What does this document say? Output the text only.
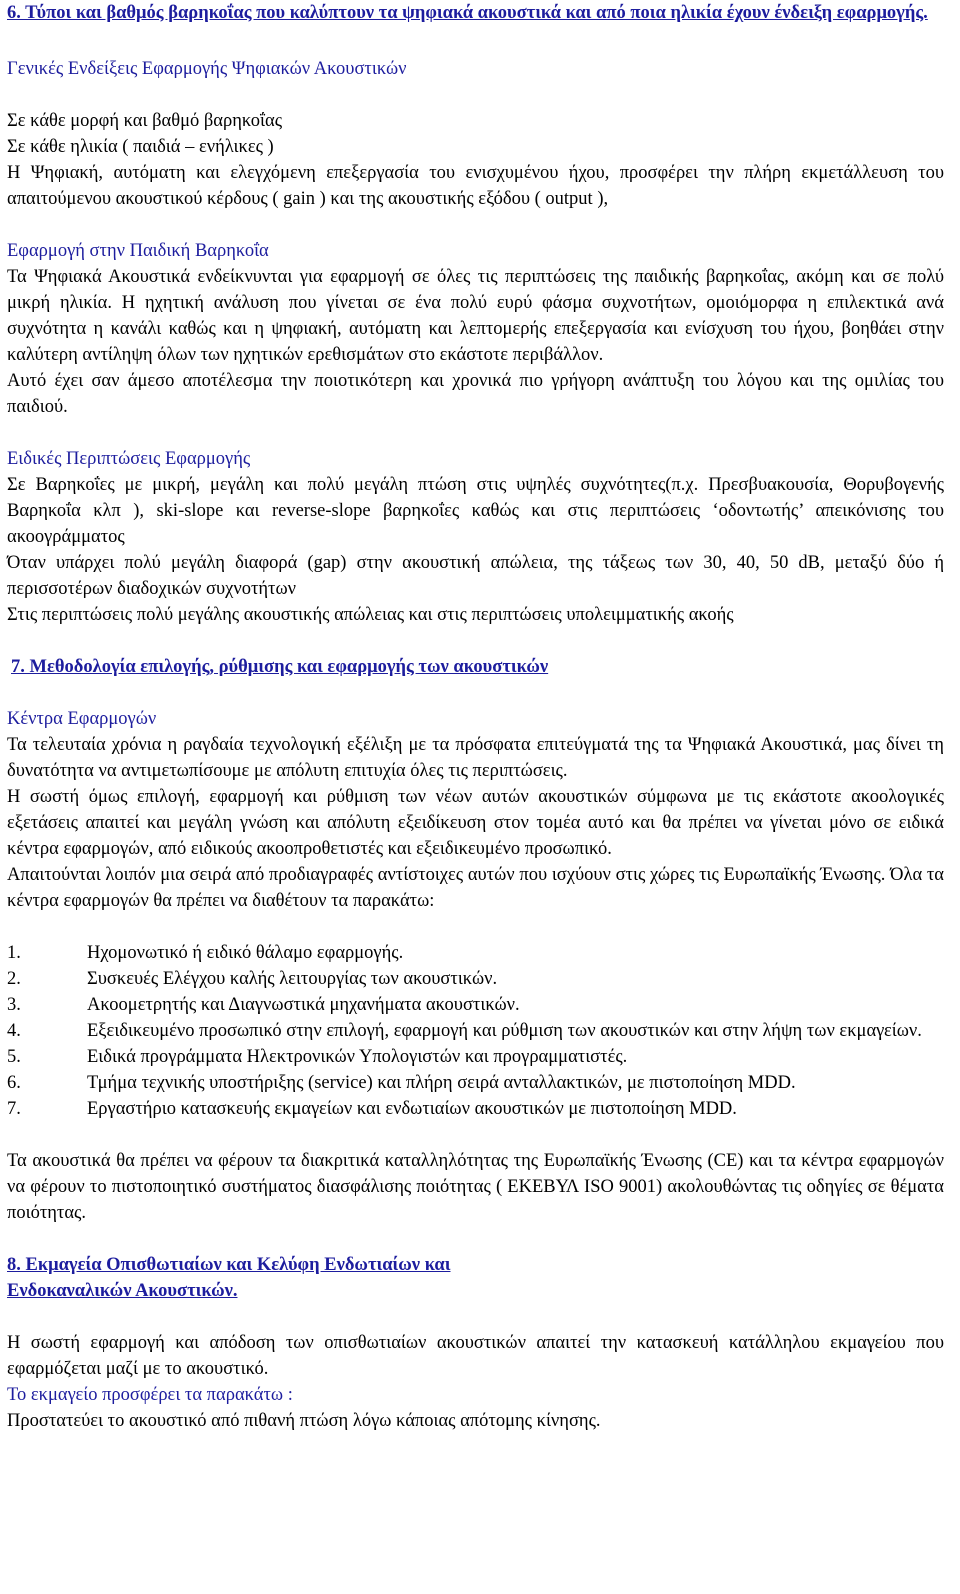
6. Τύποι και βαθμός βαρηκοΐας που καλύπτουν τα ψηφιακά ακουστικά και από ποια ηλικία έχουν ένδειξη εφαρμογής.

Γενικές Ενδείξεις Εφαρμογής Ψηφιακών Ακουστικών

Σε κάθε μορφή και βαθμό βαρηκοΐας

Σε κάθε ηλικία ( παιδιά – ενήλικες )

Η Ψηφιακή, αυτόματη και ελεγχόμενη επεξεργασία του ενισχυμένου ήχου, προσφέρει την πλήρη εκμετάλλευση του απαιτούμενου ακουστικού κέρδους ( gain ) και της ακουστικής εξόδου ( output ),

Εφαρμογή στην Παιδική Βαρηκοΐα

Τα Ψηφιακά Ακουστικά ενδείκνυνται για εφαρμογή σε όλες τις περιπτώσεις της παιδικής βαρηκοΐας, ακόμη και σε πολύ μικρή ηλικία. Η ηχητική ανάλυση που γίνεται σε ένα πολύ ευρύ φάσμα συχνοτήτων, ομοιόμορφα η επιλεκτικά ανά συχνότητα η κανάλι καθώς και η ψηφιακή, αυτόματη και λεπτομερής επεξεργασία και ενίσχυση του ήχου, βοηθάει στην καλύτερη αντίληψη όλων των ηχητικών ερεθισμάτων στο εκάστοτε περιβάλλον.

Αυτό έχει σαν άμεσο αποτέλεσμα την ποιοτικότερη και χρονικά πιο γρήγορη ανάπτυξη του λόγου και της ομιλίας του παιδιού.

Ειδικές Περιπτώσεις Εφαρμογής

Σε Βαρηκοΐες με μικρή, μεγάλη και πολύ μεγάλη πτώση στις υψηλές συχνότητες(π.χ. Πρεσβυακουσία, Θορυβογενής Βαρηκοΐα κλπ ), ski-slope και reverse-slope βαρηκοΐες καθώς και στις περιπτώσεις ‘οδοντωτής’ απεικόνισης του ακοογράμματος

Όταν υπάρχει πολύ μεγάλη διαφορά (gap) στην ακουστική απώλεια, της τάξεως των 30, 40, 50 dB, μεταξύ δύο ή περισσοτέρων διαδοχικών συχνοτήτων

Στις περιπτώσεις πολύ μεγάλης ακουστικής απώλειας και στις περιπτώσεις υπολειμματικής ακοής

7. Μεθοδολογία επιλογής, ρύθμισης και εφαρμογής των ακουστικών

Κέντρα Εφαρμογών

Τα τελευταία χρόνια η ραγδαία τεχνολογική εξέλιξη με τα πρόσφατα επιτεύγματά της τα Ψηφιακά Ακουστικά, μας δίνει τη δυνατότητα να αντιμετωπίσουμε με απόλυτη επιτυχία όλες τις περιπτώσεις.

Η σωστή όμως επιλογή, εφαρμογή και ρύθμιση των νέων αυτών ακουστικών σύμφωνα με τις εκάστοτε ακοολογικές εξετάσεις απαιτεί και μεγάλη γνώση και απόλυτη εξειδίκευση στον τομέα αυτό και θα πρέπει να γίνεται μόνο σε ειδικά κέντρα εφαρμογών, από ειδικούς ακοοπροθετιστές και εξειδικευμένο προσωπικό.

Απαιτούνται λοιπόν μια σειρά από προδιαγραφές αντίστοιχες αυτών που ισχύουν στις χώρες τις Ευρωπαϊκής Ένωσης. Όλα τα κέντρα εφαρμογών θα πρέπει να διαθέτουν τα παρακάτω:

1.	Ηχομονωτικό ή ειδικό θάλαμο εφαρμογής.
2.	Συσκευές Ελέγχου καλής λειτουργίας των ακουστικών.
3.	Ακοομετρητής και Διαγνωστικά μηχανήματα ακουστικών.
4.	Εξειδικευμένο προσωπικό στην επιλογή, εφαρμογή και ρύθμιση των ακουστικών και στην λήψη των εκμαγείων.
5.	Ειδικά προγράμματα Ηλεκτρονικών Υπολογιστών και προγραμματιστές.
6.	Τμήμα τεχνικής υποστήριξης (service) και πλήρη σειρά ανταλλακτικών, με πιστοποίηση MDD.
7.	Εργαστήριο κατασκευής εκμαγείων και ενδωτιαίων ακουστικών με πιστοποίηση MDD.

Τα ακουστικά θα πρέπει να φέρουν τα διακριτικά καταλληλότητας της Ευρωπαϊκής Ένωσης (CE) και τα κέντρα εφαρμογών να φέρουν το πιστοποιητικό συστήματος διασφάλισης ποιότητας ( ΕΚΕΒΥΛ ISO 9001) ακολουθώντας τις οδηγίες σε θέματα ποιότητας.

8. Εκμαγεία Οπισθωτιαίων και Κελύφη Ενδωτιαίων και

Ενδοκαναλικών Ακουστικών.

Η σωστή εφαρμογή και απόδοση των οπισθωτιαίων ακουστικών απαιτεί την κατασκευή κατάλληλου εκμαγείου που εφαρμόζεται μαζί με το ακουστικό.

Το εκμαγείο προσφέρει τα παρακάτω :

Προστατεύει το ακουστικό από πιθανή πτώση λόγω κάποιας απότομης κίνησης.
